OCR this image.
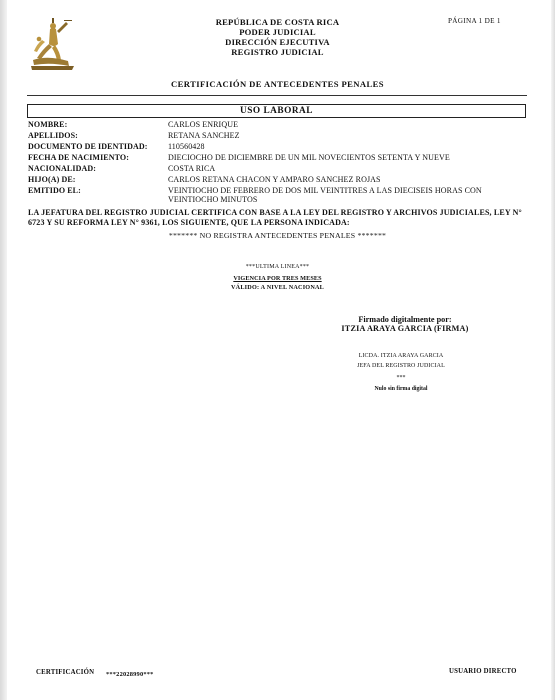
REPÚBLICA DE COSTA RICA
PODER JUDICIAL
DIRECCIÓN EJECUTIVA
REGISTRO JUDICIAL
PÁGINA 1 DE 1
CERTIFICACIÓN DE ANTECEDENTES PENALES
USO LABORAL
NOMBRE:	CARLOS ENRIQUE
APELLIDOS:	RETANA SANCHEZ
DOCUMENTO DE IDENTIDAD:	110560428
FECHA DE NACIMIENTO:	DIECIOCHO DE DICIEMBRE DE UN MIL NOVECIENTOS SETENTA Y NUEVE
NACIONALIDAD:	COSTA RICA
HIJO(A) DE:	CARLOS RETANA CHACON Y AMPARO SANCHEZ ROJAS
EMITIDO EL:	VEINTIOCHO DE FEBRERO DE DOS MIL VEINTITRES A LAS DIECISEIS HORAS CON VEINTIOCHO MINUTOS
LA JEFATURA DEL REGISTRO JUDICIAL CERTIFICA CON BASE A LA LEY DEL REGISTRO Y ARCHIVOS JUDICIALES, LEY N° 6723 Y SU REFORMA LEY N° 9361, LOS SIGUIENTE, QUE LA PERSONA INDICADA:
******* NO REGISTRA ANTECEDENTES PENALES *******
***ULTIMA LINEA***
VIGENCIA POR TRES MESES
VÁLIDO: A NIVEL NACIONAL
Firmado digitalmente por:
ITZIA ARAYA GARCIA (FIRMA)
LICDA. ITZIA ARAYA GARCIA
JEFA DEL REGISTRO JUDICIAL
***
Nulo sin firma digital
CERTIFICACIÓN ***22028990***	USUARIO DIRECTO
